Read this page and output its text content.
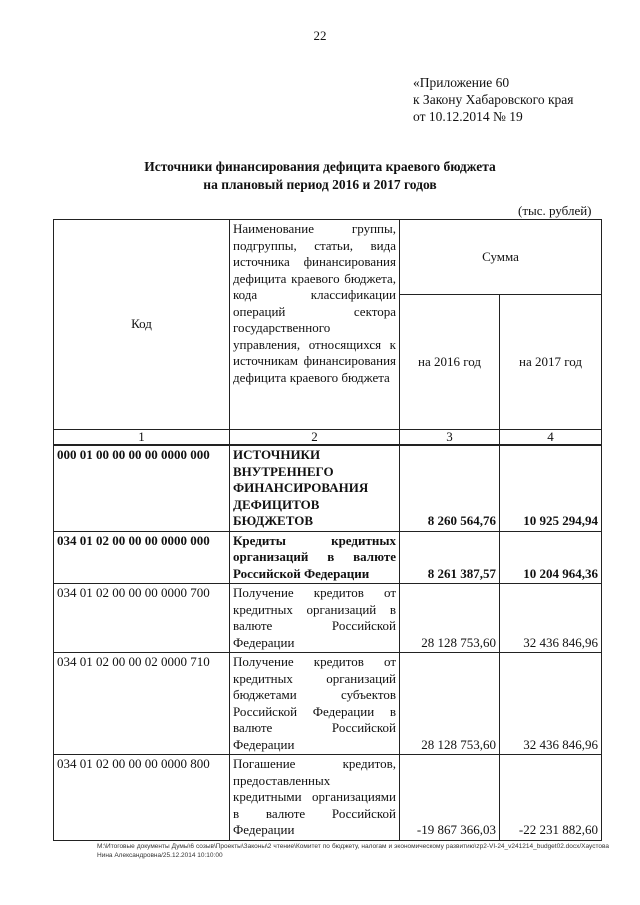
22
«Приложение 60
к Закону Хабаровского края
от 10.12.2014 № 19
Источники финансирования дефицита краевого бюджета
на плановый период 2016 и 2017 годов
(тыс. рублей)
Код	Наименование группы, подгруппы, статьи, вида источника финансирования дефицита краевого бюджета, кода классификации операций сектора государственного управления, относящихся к источникам финансирования дефицита краевого бюджета	Сумма	
		на 2016 год	на 2017 год
1	2	3	4
000 01 00 00 00 00 0000 000	ИСТОЧНИКИ ВНУТРЕННЕГО ФИНАНСИРОВАНИЯ ДЕФИЦИТОВ БЮДЖЕТОВ	8 260 564,76	10 925 294,94
034 01 02 00 00 00 0000 000	Кредиты кредитных организаций в валюте Российской Федерации	8 261 387,57	10 204 964,36
034 01 02 00 00 00 0000 700	Получение кредитов от кредитных организаций в валюте Российской Федерации	28 128 753,60	32 436 846,96
034 01 02 00 00 02 0000 710	Получение кредитов от кредитных организаций бюджетами субъектов Российской Федерации в валюте Российской Федерации	28 128 753,60	32 436 846,96
034 01 02 00 00 00 0000 800	Погашение кредитов, предоставленных кредитными организациями в валюте Российской Федерации	-19 867 366,03	-22 231 882,60
M:\Итоговые документы Думы\6 созыв\Проекты\Законы\2 чтение\Комитет по бюджету, налогам и экономическому развитию\zp2-VI-24_v241214_budget02.docx/Хаустова Нина Александровна/25.12.2014 10:10:00
